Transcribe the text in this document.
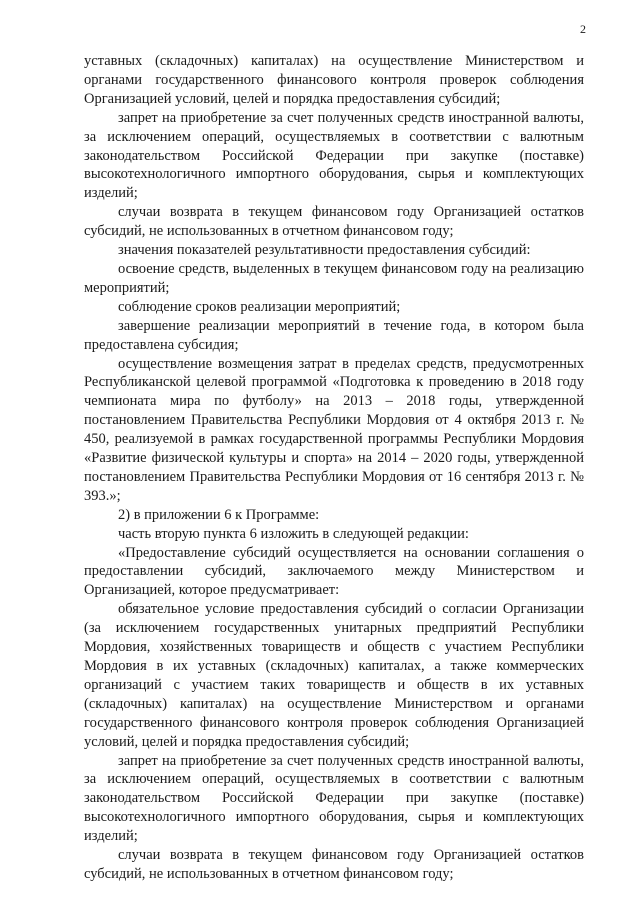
2

уставных (складочных) капиталах) на осуществление Министерством и органами государственного финансового контроля проверок соблюдения Организацией условий, целей и порядка предоставления субсидий;

запрет на приобретение за счет полученных средств иностранной валюты, за исключением операций, осуществляемых в соответствии с валютным законодательством Российской Федерации при закупке (поставке) высокотехнологичного импортного оборудования, сырья и комплектующих изделий;

случаи возврата в текущем финансовом году Организацией остатков субсидий, не использованных в отчетном финансовом году;

значения показателей результативности предоставления субсидий:

освоение средств, выделенных в текущем финансовом году на реализацию мероприятий;

соблюдение сроков реализации мероприятий;

завершение реализации мероприятий в течение года, в котором была предоставлена субсидия;

осуществление возмещения затрат в пределах средств, предусмотренных Республиканской целевой программой «Подготовка к проведению в 2018 году чемпионата мира по футболу» на 2013 – 2018 годы, утвержденной постановлением Правительства Республики Мордовия от 4 октября 2013 г. № 450, реализуемой в рамках государственной программы Республики Мордовия «Развитие физической культуры и спорта» на 2014 – 2020 годы, утвержденной постановлением Правительства Республики Мордовия от 16 сентября 2013 г. № 393.»;

2) в приложении 6 к Программе:

часть вторую пункта 6 изложить в следующей редакции:

«Предоставление субсидий осуществляется на основании соглашения о предоставлении субсидий, заключаемого между Министерством и Организацией, которое предусматривает:

обязательное условие предоставления субсидий о согласии Организации (за исключением государственных унитарных предприятий Республики Мордовия, хозяйственных товариществ и обществ с участием Республики Мордовия в их уставных (складочных) капиталах, а также коммерческих организаций с участием таких товариществ и обществ в их уставных (складочных) капиталах) на осуществление Министерством и органами государственного финансового контроля проверок соблюдения Организацией условий, целей и порядка предоставления субсидий;

запрет на приобретение за счет полученных средств иностранной валюты, за исключением операций, осуществляемых в соответствии с валютным законодательством Российской Федерации при закупке (поставке) высокотехнологичного импортного оборудования, сырья и комплектующих изделий;

случаи возврата в текущем финансовом году Организацией остатков субсидий, не использованных в отчетном финансовом году;
